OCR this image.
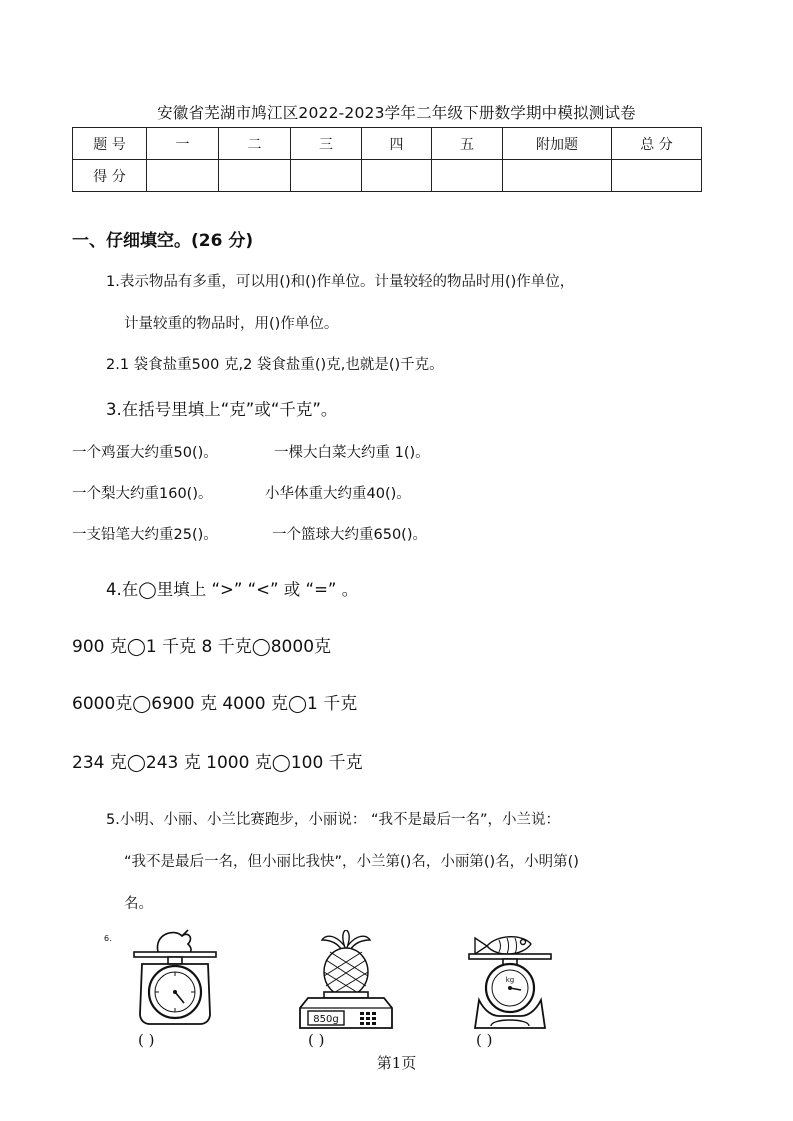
安徽省芜湖市鸠江区2022-2023学年二年级下册数学期中模拟测试卷
题 号	一	二	三	四	五	附加题	总 分
得 分							
一、仔细填空。(26 分)
1.表示物品有多重，可以用()和()作单位。计量较轻的物品时用()作单位，
计量较重的物品时，用()作单位。
2.1 袋食盐重500 克,2 袋食盐重()克,也就是()千克。
3.在括号里填上“克”或“千克”。
一个鸡蛋大约重50()。	一棵大白菜大约重 1()。
一个梨大约重160()。	小华体重大约重40()。
一支铅笔大约重25()。	一个篮球大约重650()。
4.在◯里填上 “>” “<” 或 “=” 。
900 克◯1 千克 8 千克◯8000克
6000克◯6900 克 4000 克◯1 千克
234 克◯243 克 1000 克◯100 千克
5.小明、小丽、小兰比赛跑步，小丽说： “我不是最后一名”，小兰说：
“我不是最后一名，但小丽比我快”，小兰第()名，小丽第()名，小明第()
名。
6.
( )
850g
( )
kg
( )
第1页
